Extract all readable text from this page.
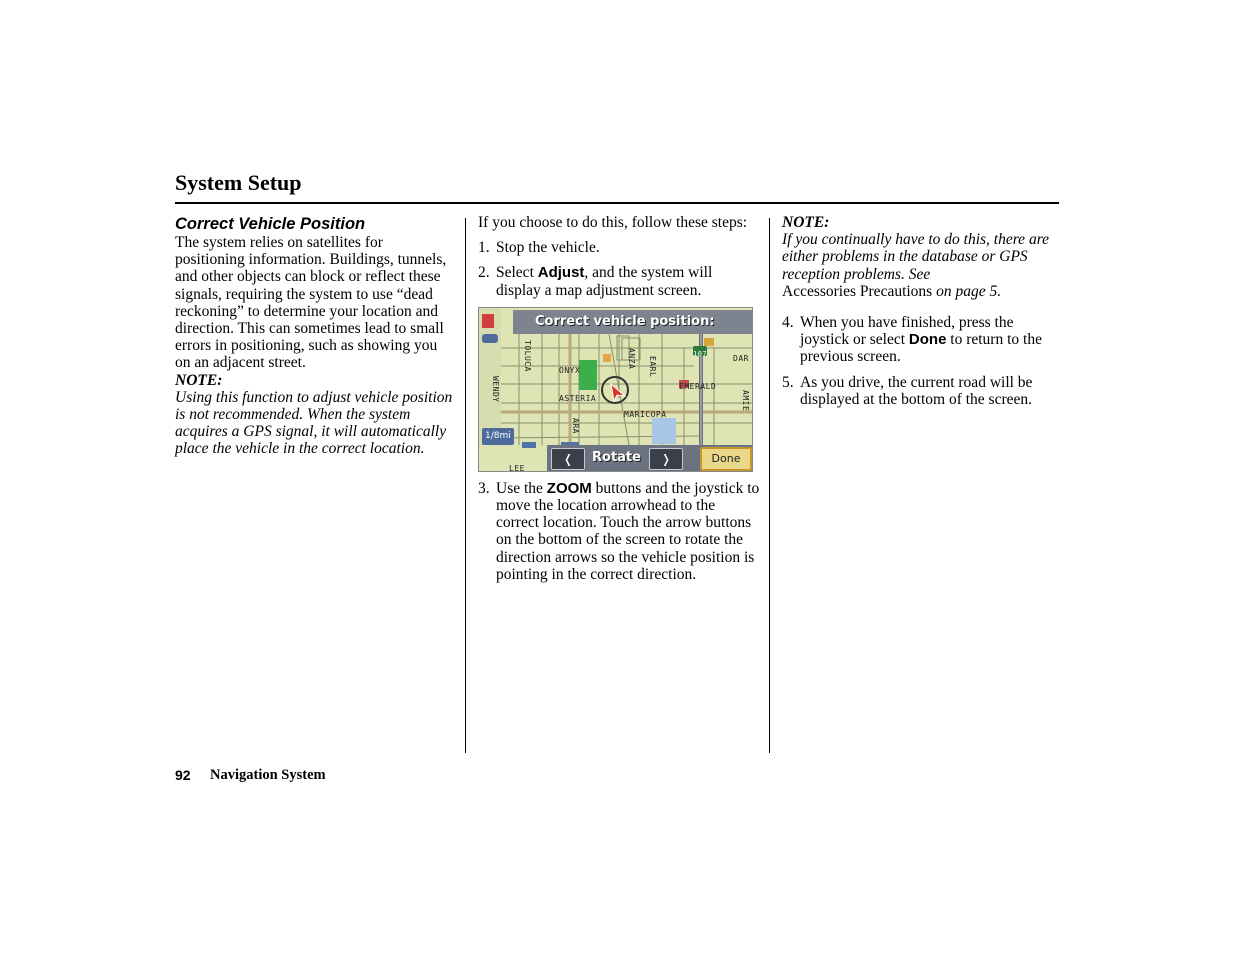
System Setup

Correct Vehicle Position

The system relies on satellites for positioning information. Buildings, tunnels, and other objects can block or reflect these signals, requiring the system to use “dead reckoning” to determine your location and direction. This can sometimes lead to small errors in positioning, such as showing you on an adjacent street.

NOTE:

Using this function to adjust vehicle position is not recommended. When the system acquires a GPS signal, it will automatically place the vehicle in the correct location.

If you choose to do this, follow these steps:

1. Stop the vehicle.
2. Select Adjust, and the system will display a map adjustment screen.
Correct vehicle position:
TOLUCA	ANZA
ONYX
ASTERIA
MARICOPA
EARL
EMERALD
WENDY	AMIE
DAR
ARA
LEE
107
1/8mi
❬	Rotate	❭	Done
3. Use the ZOOM buttons and the joystick to move the location arrowhead to the correct location. Touch the arrow buttons on the bottom of the screen to rotate the direction arrows so the vehicle position is pointing in the correct direction.

NOTE:

If you continually have to do this, there are either problems in the database or GPS reception problems. See
Accessories Precautions on page 5.

4. When you have finished, press the joystick or select Done to return to the previous screen.
5. As you drive, the current road will be displayed at the bottom of the screen.
92 Navigation System
